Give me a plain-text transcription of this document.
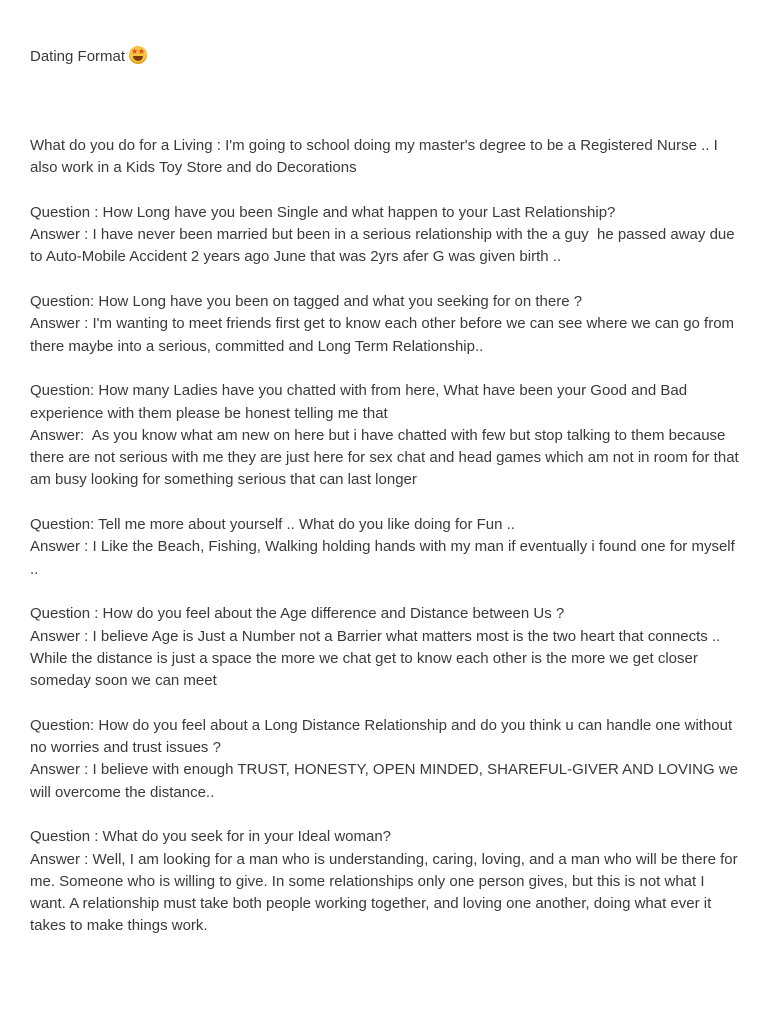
Dating Format ★ ★
What do you do for a Living : I'm going to school doing my master's degree to be a Registered Nurse .. I also work in a Kids Toy Store and do Decorations
Question : How Long have you been Single and what happen to your Last Relationship?
Answer : I have never been married but been in a serious relationship with the a guy  he passed away due to Auto-Mobile Accident 2 years ago June that was 2yrs afer G was given birth ..
Question: How Long have you been on tagged and what you seeking for on there ?
Answer : I'm wanting to meet friends first get to know each other before we can see where we can go from there maybe into a serious, committed and Long Term Relationship..
Question: How many Ladies have you chatted with from here, What have been your Good and Bad experience with them please be honest telling me that
Answer:  As you know what am new on here but i have chatted with few but stop talking to them because there are not serious with me they are just here for sex chat and head games which am not in room for that am busy looking for something serious that can last longer
Question: Tell me more about yourself .. What do you like doing for Fun ..
Answer : I Like the Beach, Fishing, Walking holding hands with my man if eventually i found one for myself ..
Question : How do you feel about the Age difference and Distance between Us ?
Answer : I believe Age is Just a Number not a Barrier what matters most is the two heart that connects .. While the distance is just a space the more we chat get to know each other is the more we get closer someday soon we can meet
Question: How do you feel about a Long Distance Relationship and do you think u can handle one without no worries and trust issues ?
Answer : I believe with enough TRUST, HONESTY, OPEN MINDED, SHAREFUL-GIVER AND LOVING we will overcome the distance..
Question : What do you seek for in your Ideal woman?
Answer : Well, I am looking for a man who is understanding, caring, loving, and a man who will be there for me. Someone who is willing to give. In some relationships only one person gives, but this is not what I want. A relationship must take both people working together, and loving one another, doing what ever it takes to make things work.
